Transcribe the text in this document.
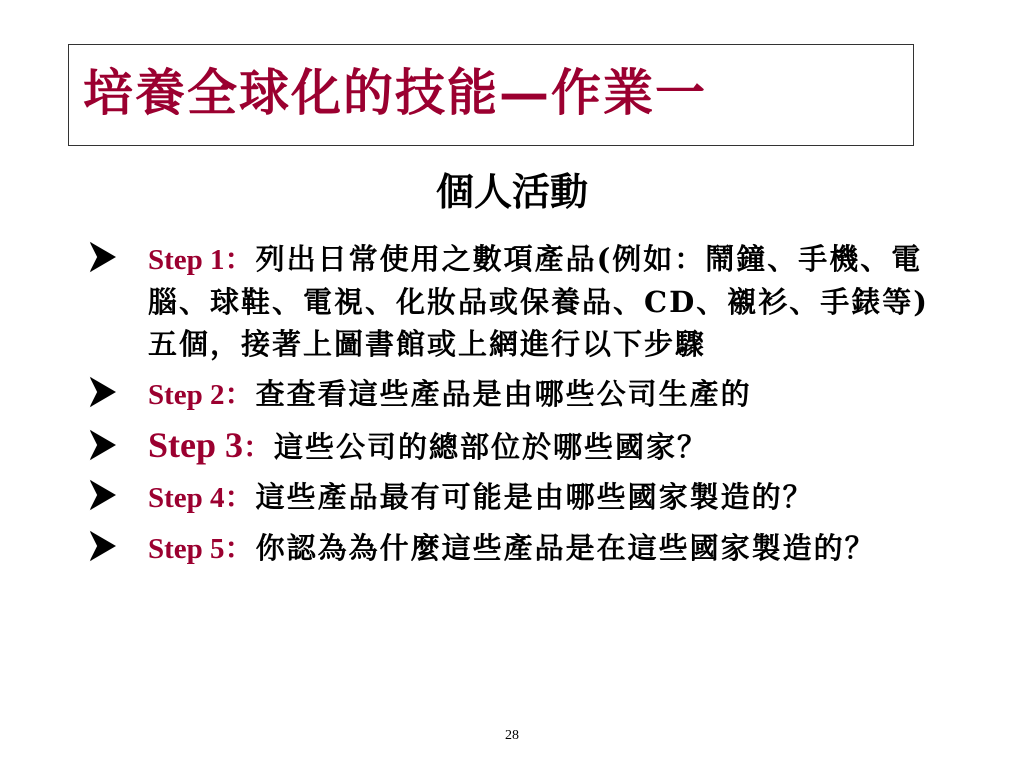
培養全球化的技能—作業一
個人活動
Step 1：列出日常使用之數項產品(例如：鬧鐘、手機、電腦、球鞋、電視、化妝品或保養品、CD、襯衫、手錶等)五個，接著上圖書館或上網進行以下步驟
Step 2：查查看這些產品是由哪些公司生產的
Step 3：這些公司的總部位於哪些國家？
Step 4：這些產品最有可能是由哪些國家製造的？
Step 5：你認為為什麼這些產品是在這些國家製造的？
28
